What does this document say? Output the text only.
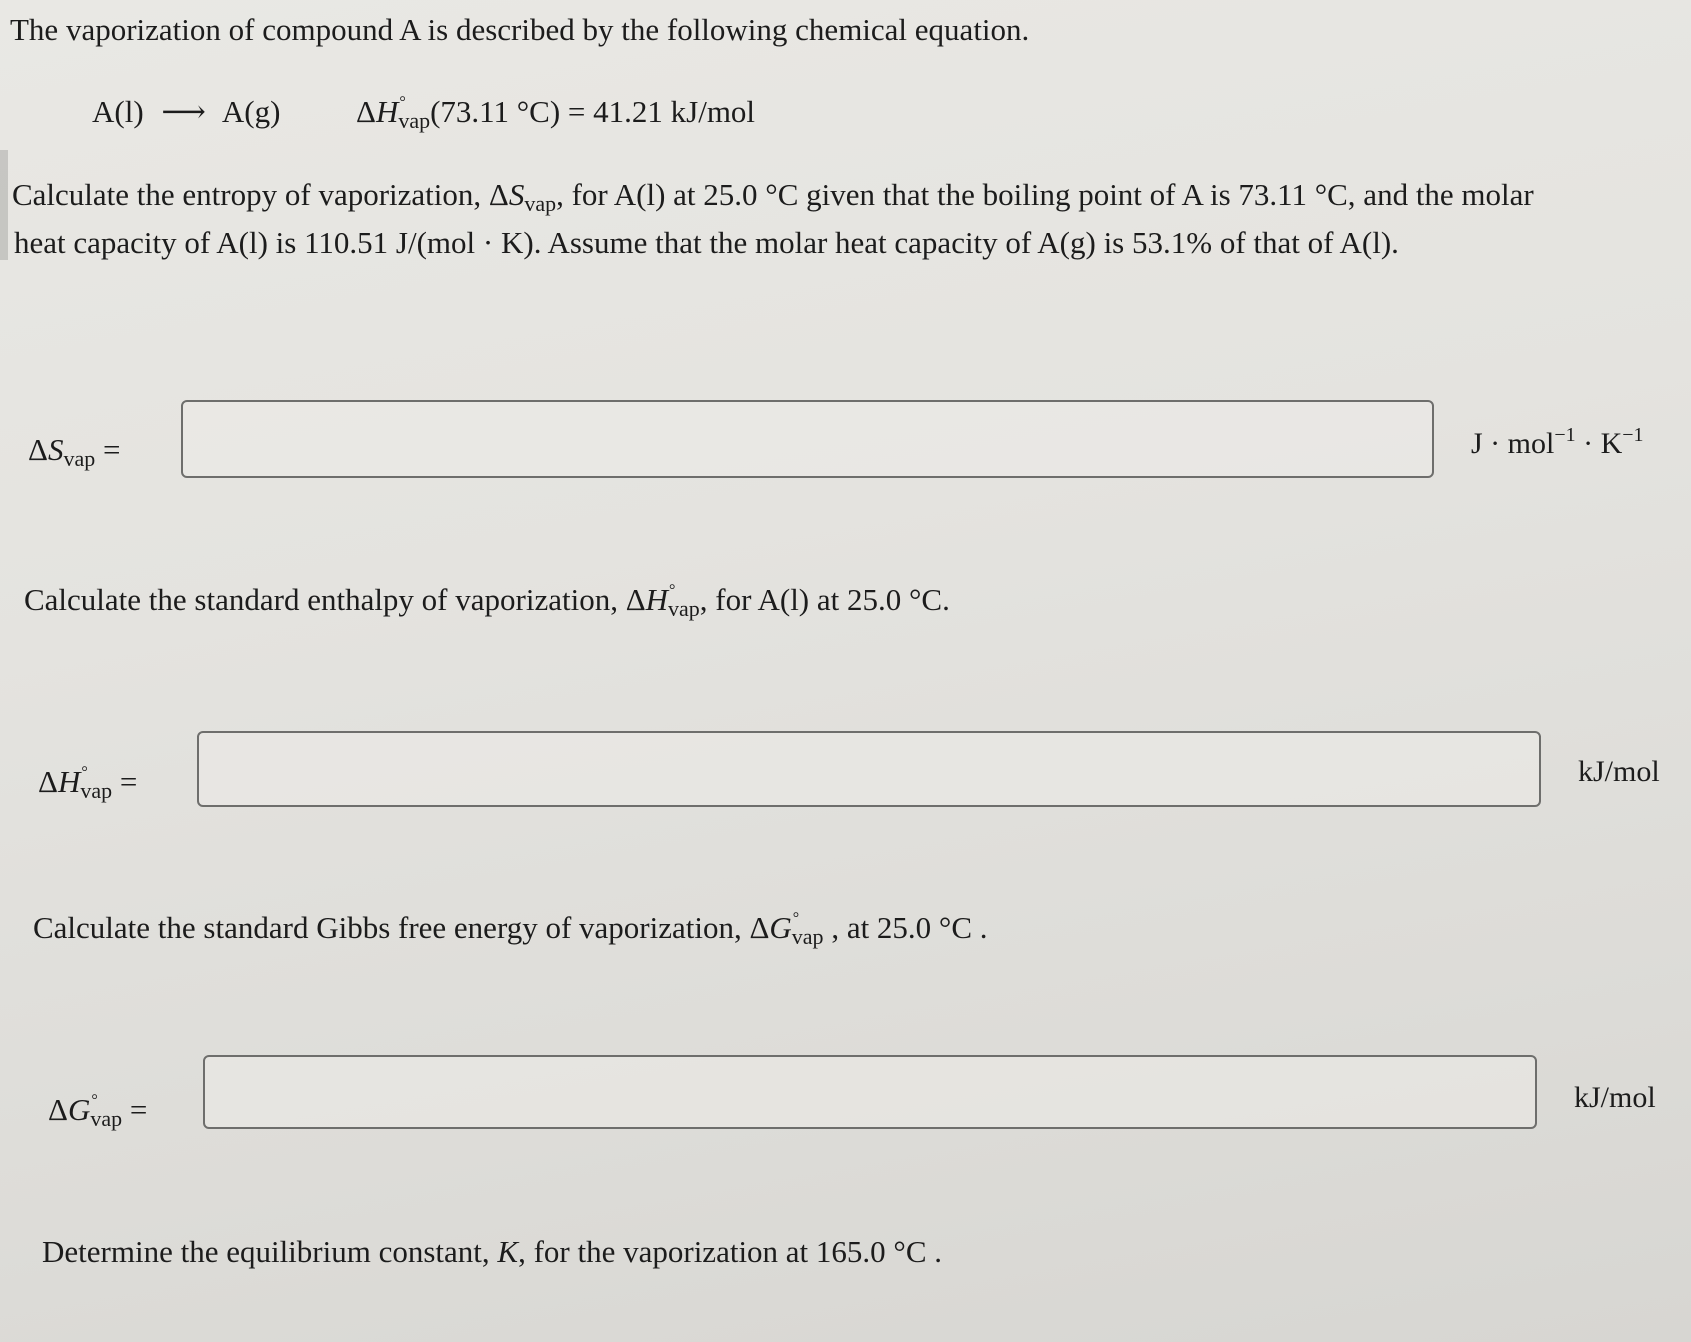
The vaporization of compound A is described by the following chemical equation.
A(l) ⟶ A(g) ΔH °
vap(73.11 °C) = 41.21 kJ/mol
Calculate the entropy of vaporization, $\Delta S_{vap}$, for A(l) at 25.0 °C given that the boiling point of A is 73.11 °C, and the molar
heat capacity of A(l) is 110.51 J/(mol · K). Assume that the molar heat capacity of A(g) is 53.1% of that of A(l).
$\Delta S_{vap}$ =	$J \cdot mol^{-1} \cdot K^{-1}$
Calculate the standard enthalpy of vaporization, ΔH °
vap, for A(l) at 25.0 °C.
ΔH °
vap =	kJ/mol
Calculate the standard Gibbs free energy of vaporization, ΔG °
vap , at 25.0 °C .
ΔG °
vap =	kJ/mol
Determine the equilibrium constant, K, for the vaporization at 165.0 °C .
